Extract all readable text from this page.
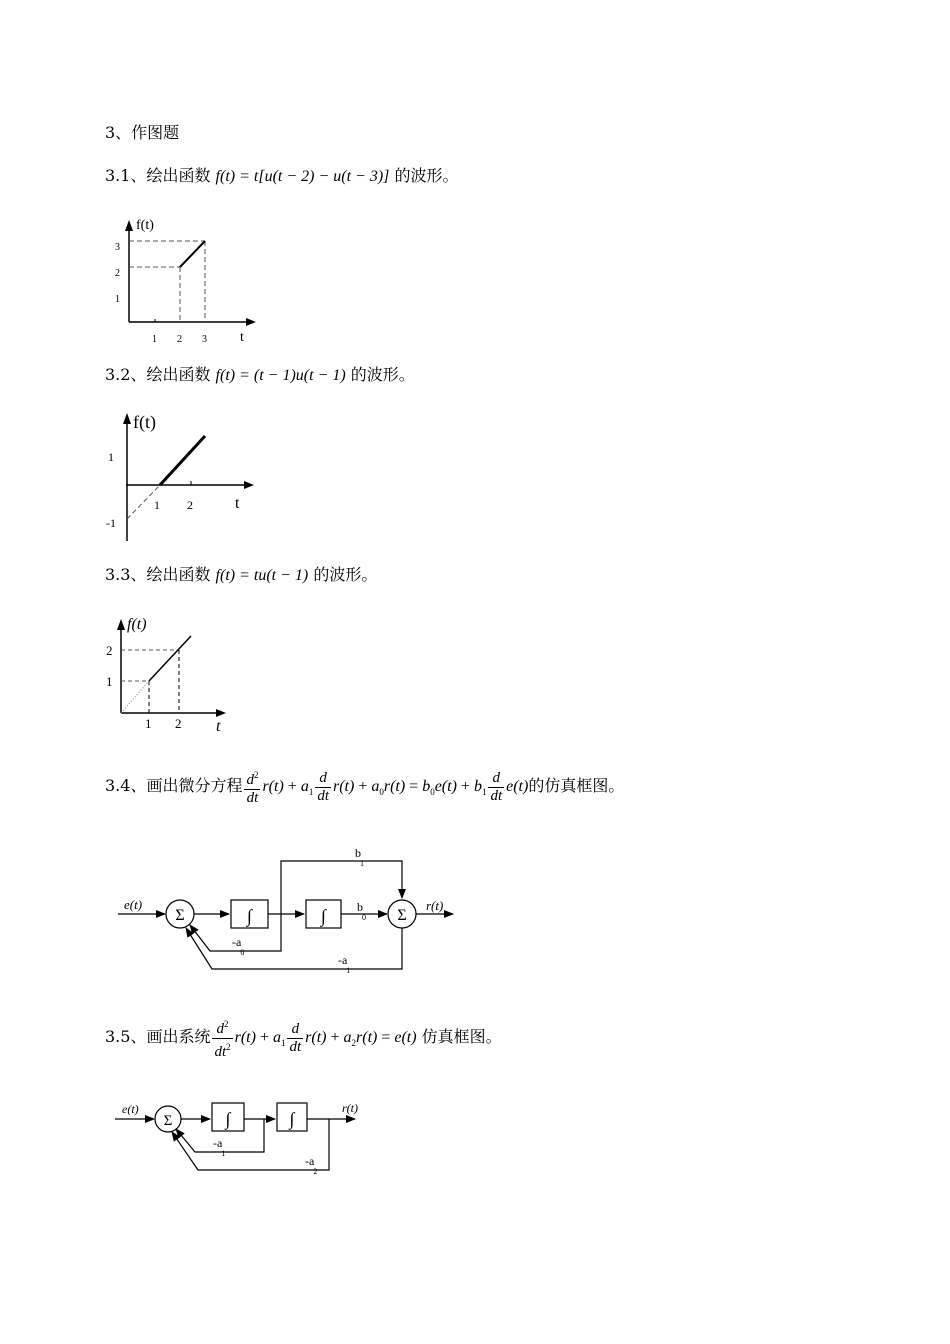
3、作图题
3.1、绘出函数 f(t) = t[u(t − 2) − u(t − 3)] 的波形。
f(t)
t
1
2
3
1 2 3
3.2、绘出函数 f(t) = (t − 1)u(t − 1) 的波形。
f(t)
t
1
-1
1 2
3.3、绘出函数 f(t) = tu(t − 1) 的波形。
f(t)
t
1
2
1 2
3.4、画出微分方程 $\frac{d^2}{dt} r(t) + a_1 \frac{d}{dt} r(t) + a_0r(t) = b_0e(t) + b_1 \frac{d}{dt} e(t)$的仿真框图。
e(t)
Σ	∫	∫	b0 Σ
r(t)
b1
-a0
-a1
3.5、画出系统 $\frac{d^2}{dt^2} r(t) + a_1 \frac{d}{dt} r(t) + a_2r(t) = e(t)$ 仿真框图。
e(t)
Σ	∫	∫
r(t)
-a1
-a2
